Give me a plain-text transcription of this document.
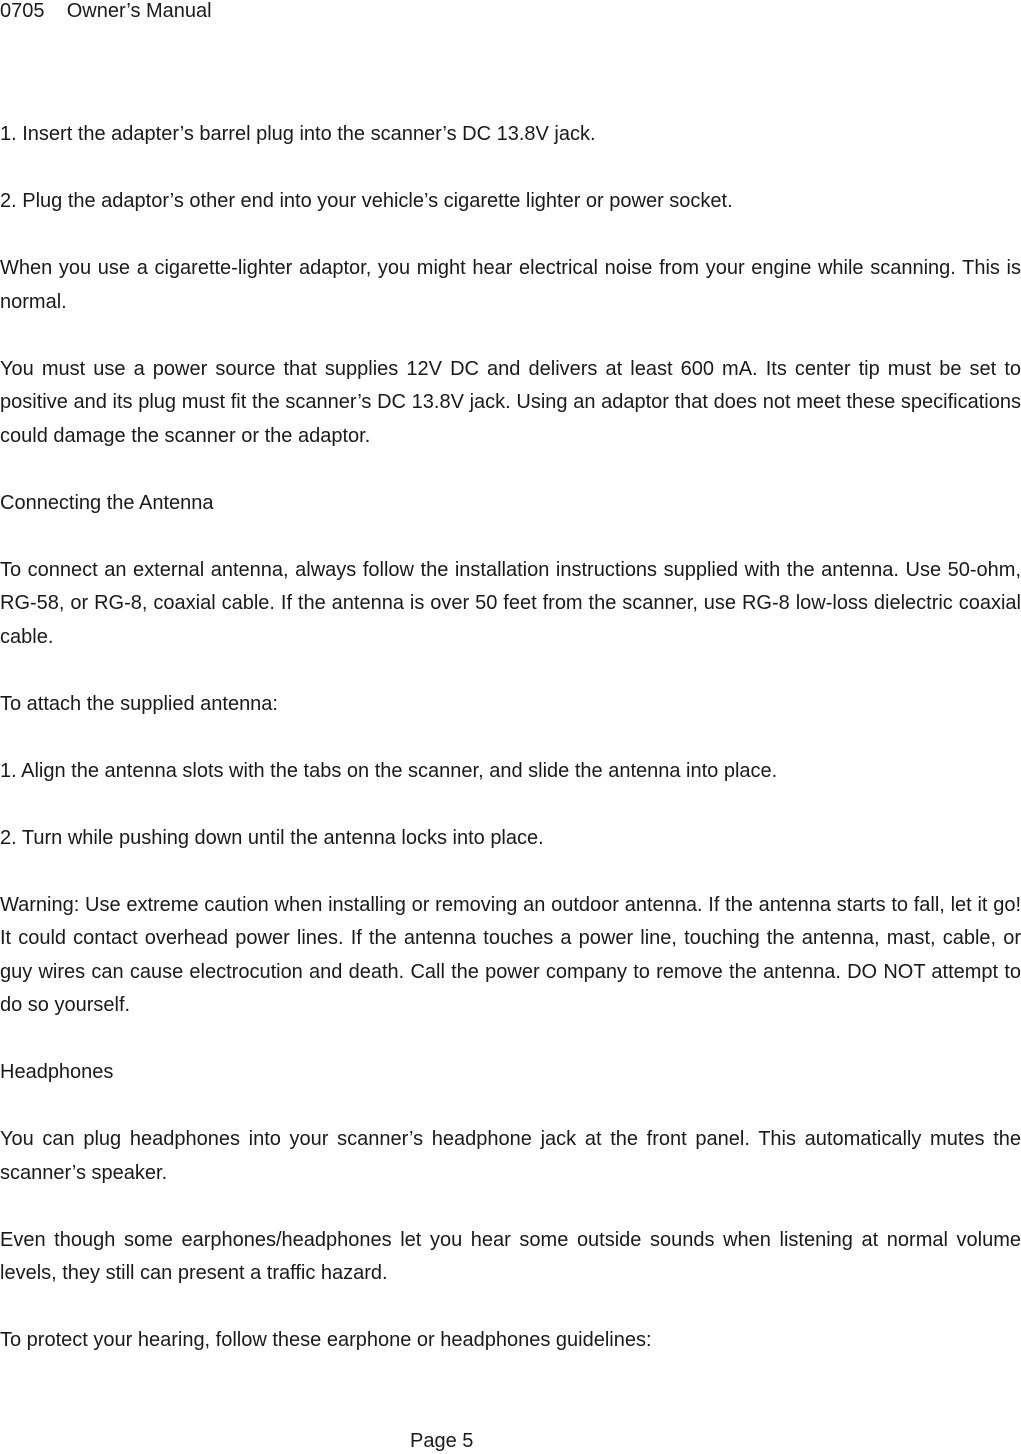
0705 Owner’s Manual

1. Insert the adapter’s barrel plug into the scanner’s DC 13.8V jack.

2. Plug the adaptor’s other end into your vehicle’s cigarette lighter or power socket.

When you use a cigarette-lighter adaptor, you might hear electrical noise from your engine while scanning. This is normal.

You must use a power source that supplies 12V DC and delivers at least 600 mA. Its center tip must be set to positive and its plug must fit the scanner’s DC 13.8V jack. Using an adaptor that does not meet these specifications could damage the scanner or the adaptor.

Connecting the Antenna

To connect an external antenna, always follow the installation instructions supplied with the antenna. Use 50-ohm, RG-58, or RG-8, coaxial cable. If the antenna is over 50 feet from the scanner, use RG-8 low-loss dielectric coaxial cable.

To attach the supplied antenna:

1. Align the antenna slots with the tabs on the scanner, and slide the antenna into place.

2. Turn while pushing down until the antenna locks into place.

Warning: Use extreme caution when installing or removing an outdoor antenna. If the antenna starts to fall, let it go! It could contact overhead power lines. If the antenna touches a power line, touching the antenna, mast, cable, or guy wires can cause electrocution and death. Call the power company to remove the antenna. DO NOT attempt to do so yourself.

Headphones

You can plug headphones into your scanner’s headphone jack at the front panel. This automatically mutes the scanner’s speaker.

Even though some earphones/headphones let you hear some outside sounds when listening at normal volume levels, they still can present a traffic hazard.

To protect your hearing, follow these earphone or headphones guidelines:

Page 5
